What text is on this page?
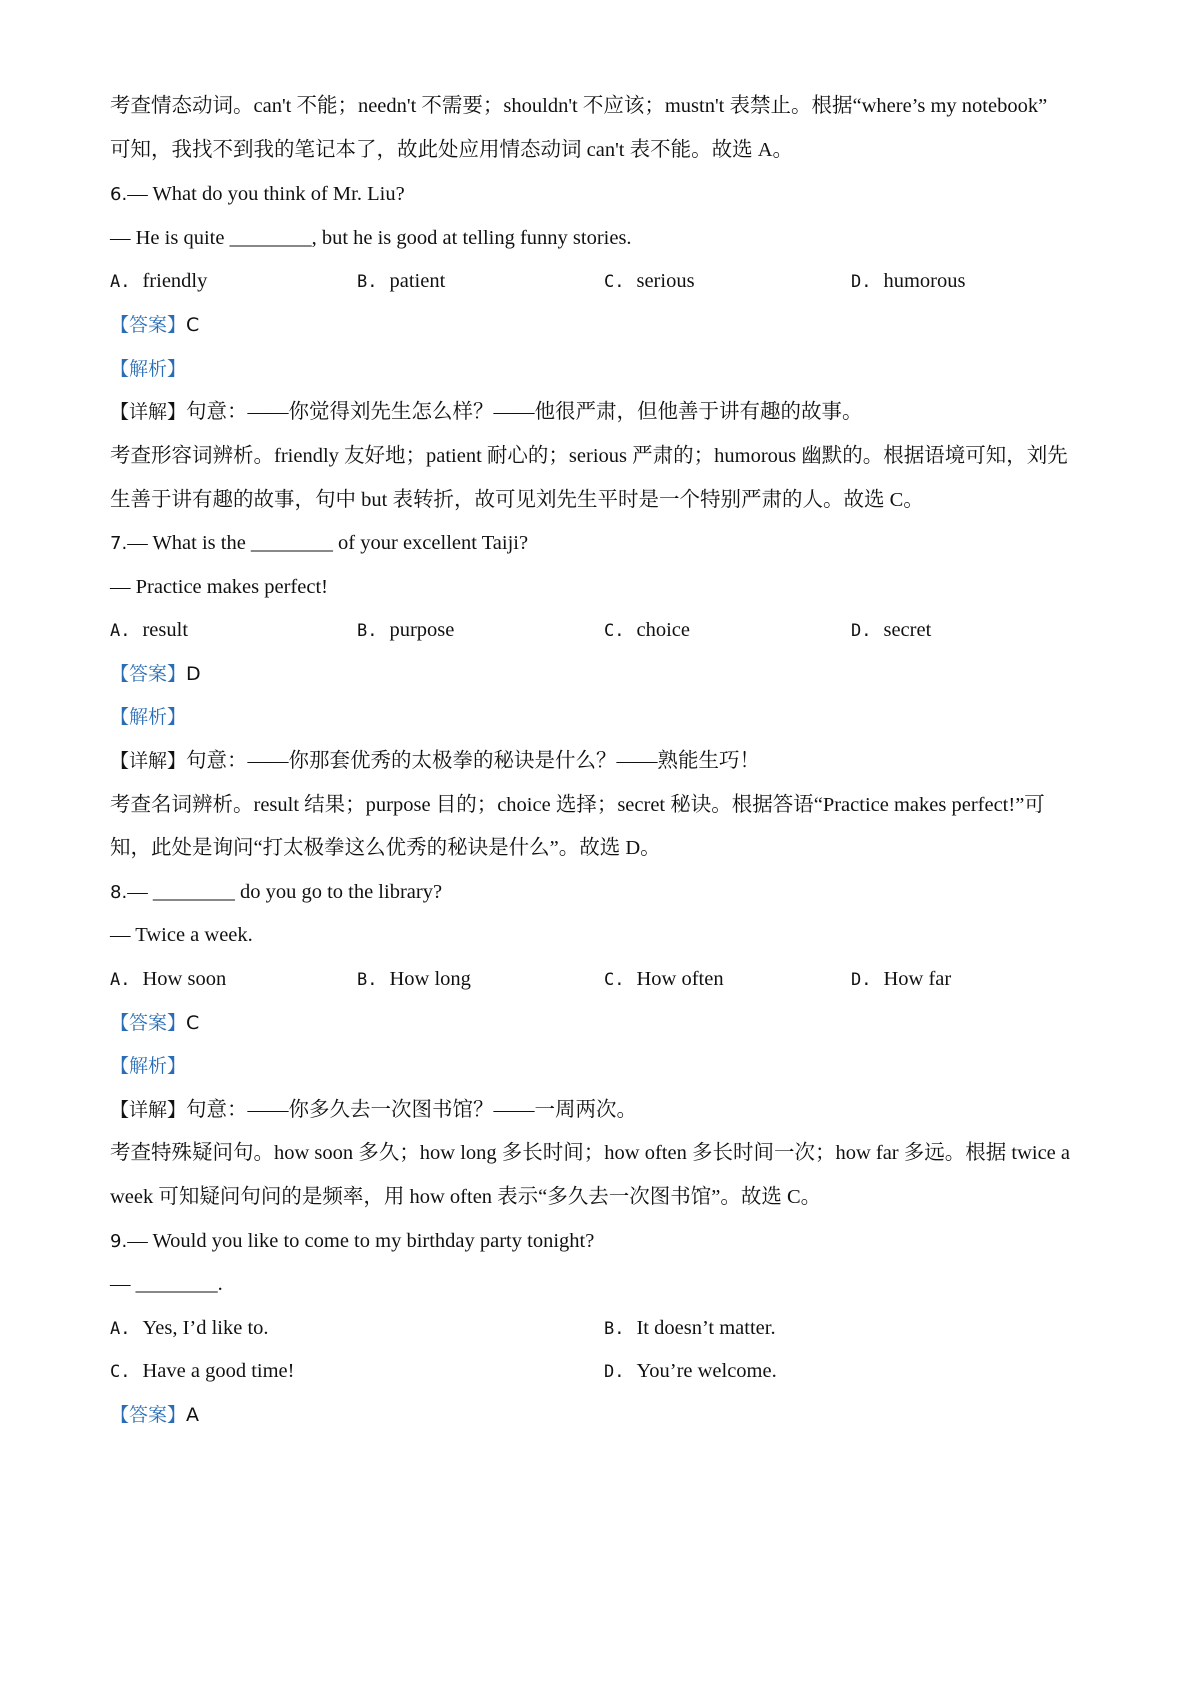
考查情态动词。can't 不能；needn't 不需要；shouldn't 不应该；mustn't 表禁止。根据“where’s my notebook”
可知，我找不到我的笔记本了，故此处应用情态动词 can't 表不能。故选 A。
6.— What do you think of Mr. Liu?
— He is quite ________, but he is good at telling funny stories.
A. friendly	B. patient	C. serious	D. humorous
【答案】C
【解析】
【详解】句意：——你觉得刘先生怎么样？——他很严肃，但他善于讲有趣的故事。
考查形容词辨析。friendly 友好地；patient 耐心的；serious 严肃的；humorous 幽默的。根据语境可知，刘先
生善于讲有趣的故事，句中 but 表转折，故可见刘先生平时是一个特别严肃的人。故选 C。
7.— What is the ________ of your excellent Taiji?
— Practice makes perfect!
A. result	B. purpose	C. choice	D. secret
【答案】D
【解析】
【详解】句意：——你那套优秀的太极拳的秘诀是什么？——熟能生巧！
考查名词辨析。result 结果；purpose 目的；choice 选择；secret 秘诀。根据答语“Practice makes perfect!”可
知，此处是询问“打太极拳这么优秀的秘诀是什么”。故选 D。
8.— ________ do you go to the library?
— Twice a week.
A. How soon	B. How long	C. How often	D. How far
【答案】C
【解析】
【详解】句意：——你多久去一次图书馆？——一周两次。
考查特殊疑问句。how soon 多久；how long 多长时间；how often 多长时间一次；how far 多远。根据 twice a
week 可知疑问句问的是频率，用 how often 表示“多久去一次图书馆”。故选 C。
9.— Would you like to come to my birthday party tonight?
— ________.
A. Yes, I’d like to.	B. It doesn’t matter.
C. Have a good time!	D. You’re welcome.
【答案】A
